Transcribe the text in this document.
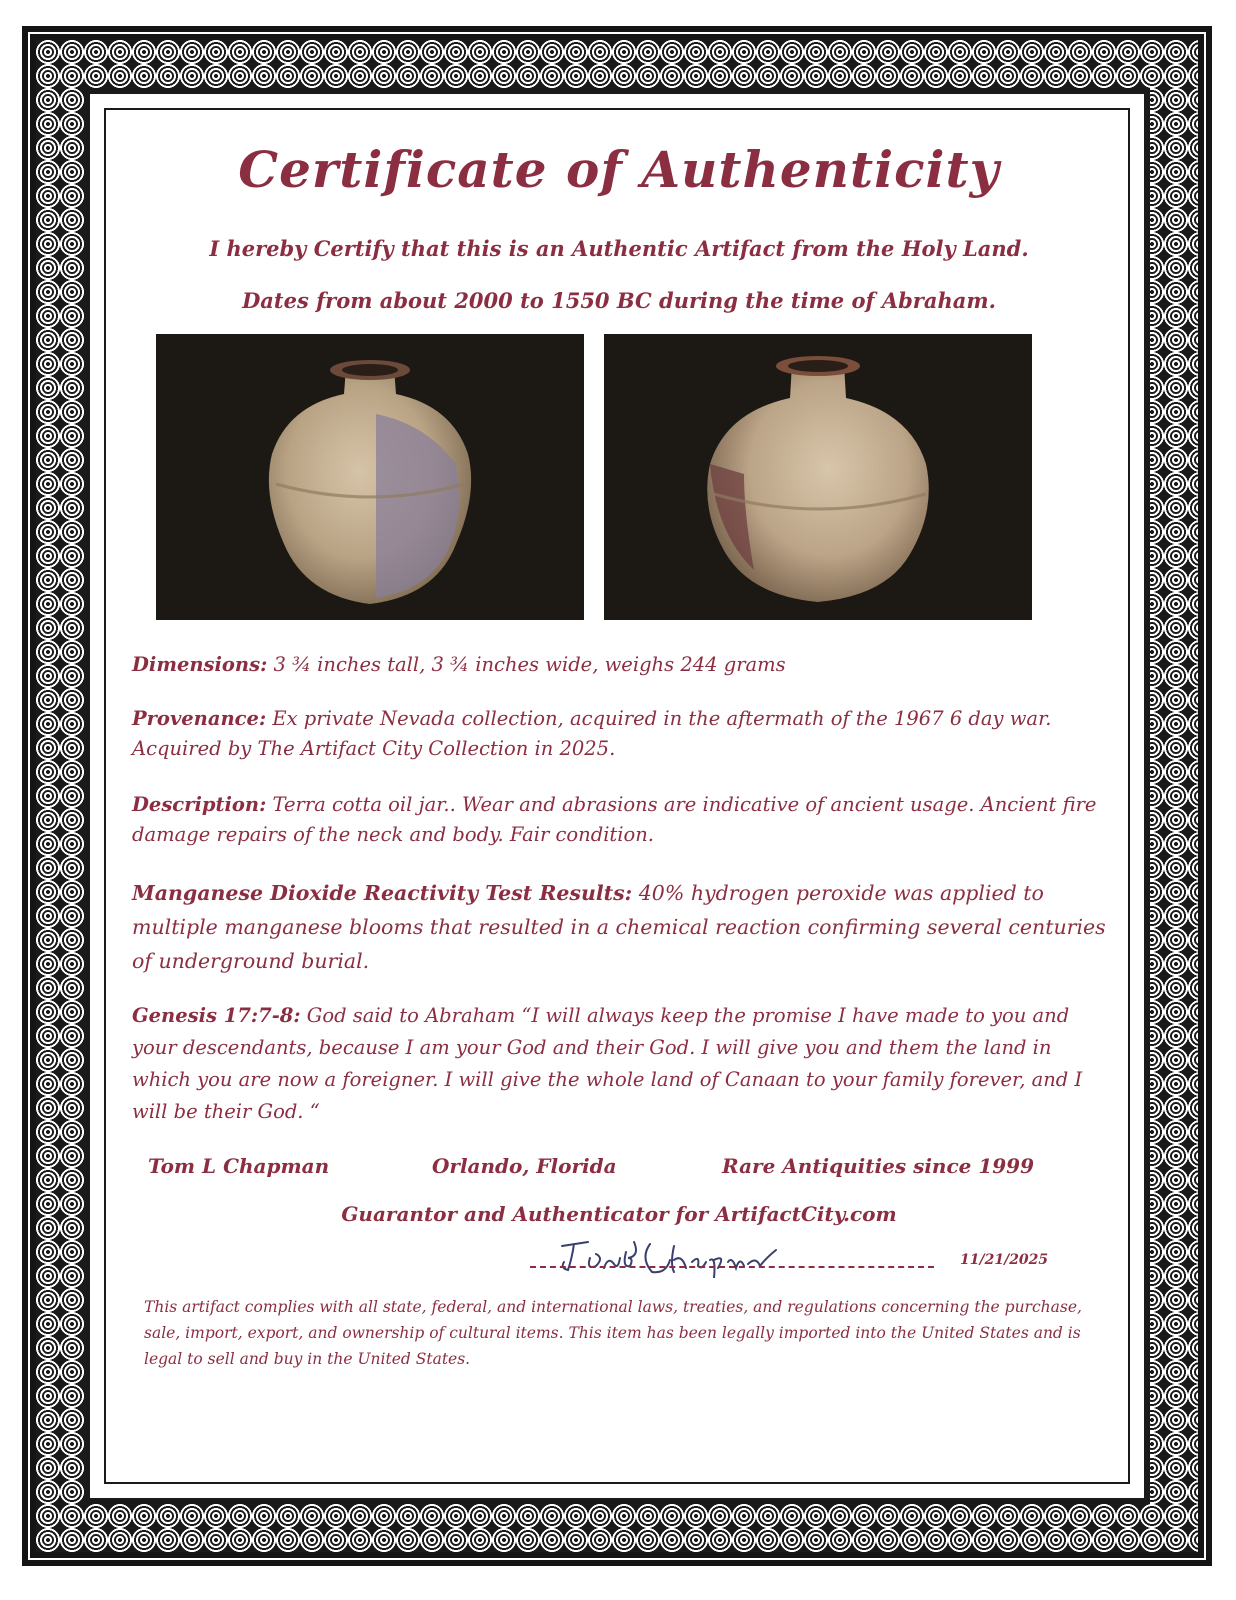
Certificate of Authenticity
I hereby Certify that this is an Authentic Artifact from the Holy Land.
Dates from about 2000 to 1550 BC during the time of Abraham.
Dimensions: 3 ¾ inches tall, 3 ¾ inches wide, weighs 244 grams
Provenance: Ex private Nevada collection, acquired in the aftermath of the 1967 6 day war. Acquired by The Artifact City Collection in 2025.
Description: Terra cotta oil jar.. Wear and abrasions are indicative of ancient usage. Ancient fire damage repairs of the neck and body. Fair condition.
Manganese Dioxide Reactivity Test Results: 40% hydrogen peroxide was applied to multiple manganese blooms that resulted in a chemical reaction confirming several centuries of underground burial.
Genesis 17:7-8: God said to Abraham “I will always keep the promise I have made to you and your descendants, because I am your God and their God. I will give you and them the land in which you are now a foreigner. I will give the whole land of Canaan to your family forever, and I will be their God. “
Tom L Chapman	Orlando, Florida	Rare Antiquities since 1999
Guarantor and Authenticator for ArtifactCity.com
11/21/2025
This artifact complies with all state, federal, and international laws, treaties, and regulations concerning the purchase, sale, import, export, and ownership of cultural items. This item has been legally imported into the United States and is legal to sell and buy in the United States.
